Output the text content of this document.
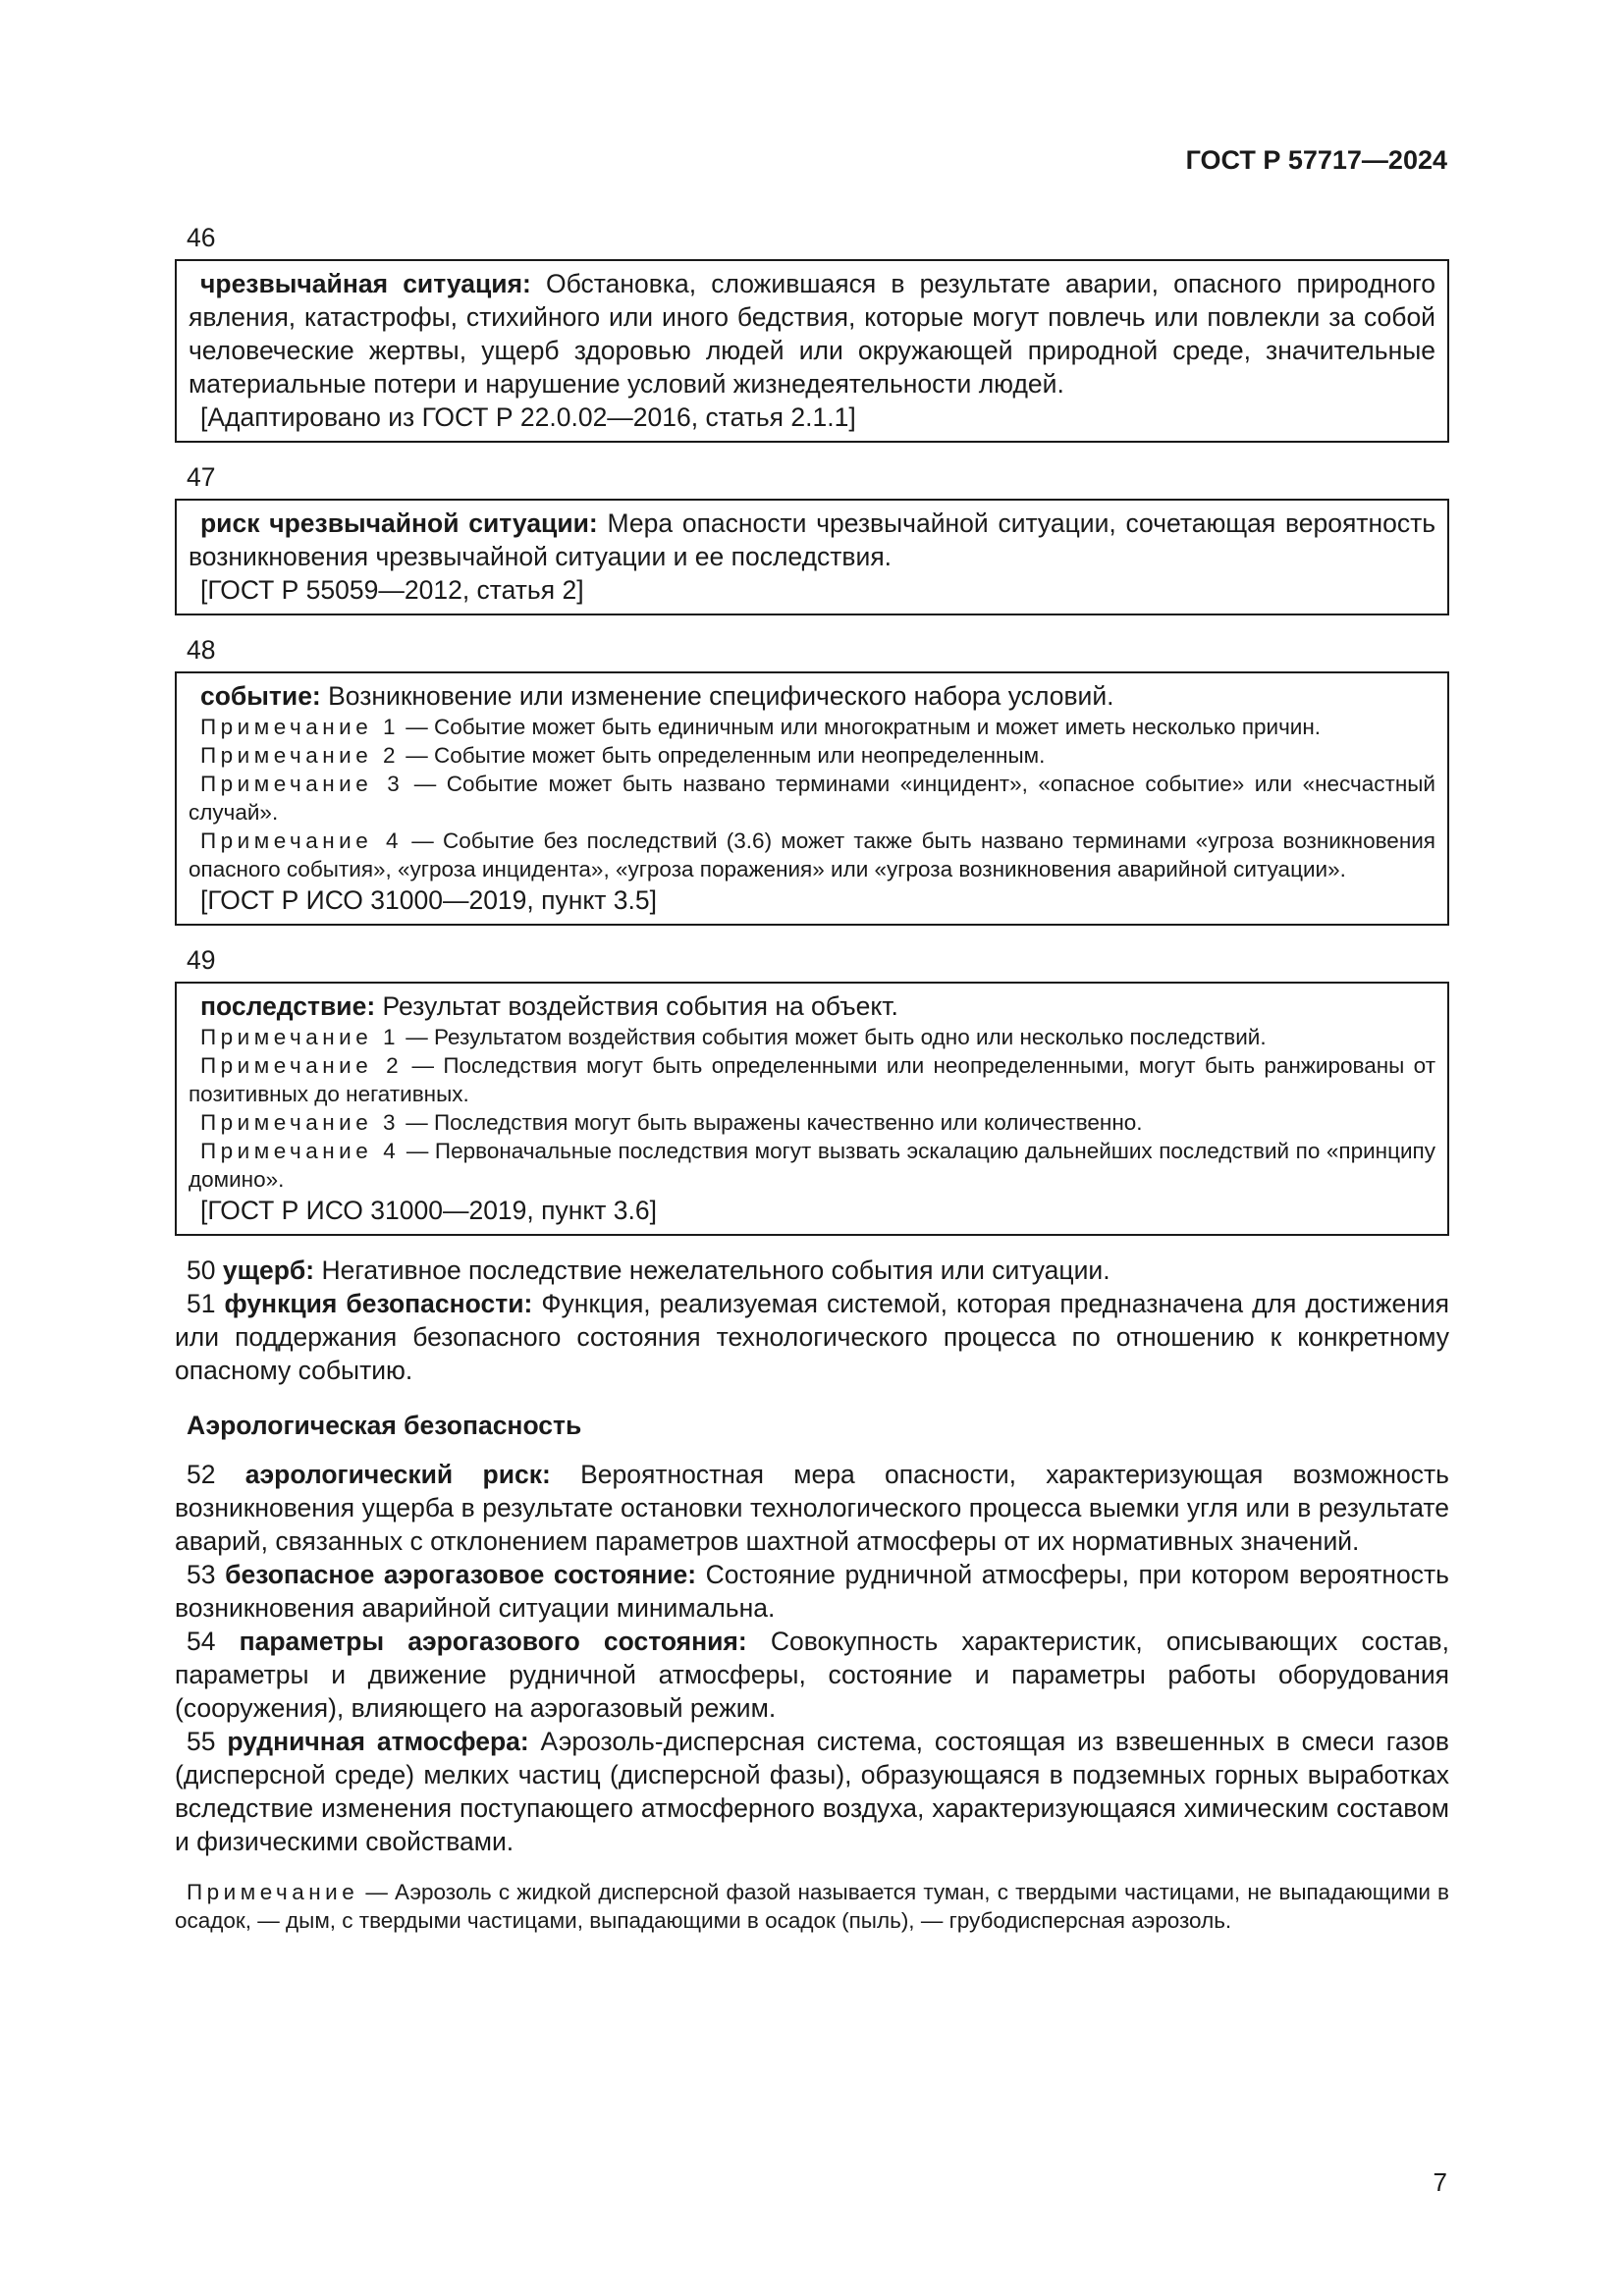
ГОСТ Р 57717—2024
46

чрезвычайная ситуация: Обстановка, сложившаяся в результате аварии, опасного природного явления, катастрофы, стихийного или иного бедствия, которые могут повлечь или повлекли за собой человеческие жертвы, ущерб здоровью людей или окружающей природной среде, значительные материальные потери и нарушение условий жизнедеятельности людей.

[Адаптировано из ГОСТ Р 22.0.02—2016, статья 2.1.1]

47

риск чрезвычайной ситуации: Мера опасности чрезвычайной ситуации, сочетающая вероятность возникновения чрезвычайной ситуации и ее последствия.

[ГОСТ Р 55059—2012, статья 2]

48

событие: Возникновение или изменение специфического набора условий.

Примечание 1 — Событие может быть единичным или многократным и может иметь несколько причин.

Примечание 2 — Событие может быть определенным или неопределенным.

Примечание 3 — Событие может быть названо терминами «инцидент», «опасное событие» или «несчастный случай».

Примечание 4 — Событие без последствий (3.6) может также быть названо терминами «угроза возникновения опасного события», «угроза инцидента», «угроза поражения» или «угроза возникновения аварийной ситуации».

[ГОСТ Р ИСО 31000—2019, пункт 3.5]

49

последствие: Результат воздействия события на объект.

Примечание 1 — Результатом воздействия события может быть одно или несколько последствий.

Примечание 2 — Последствия могут быть определенными или неопределенными, могут быть ранжированы от позитивных до негативных.

Примечание 3 — Последствия могут быть выражены качественно или количественно.

Примечание 4 — Первоначальные последствия могут вызвать эскалацию дальнейших последствий по «принципу домино».

[ГОСТ Р ИСО 31000—2019, пункт 3.6]

50 ущерб: Негативное последствие нежелательного события или ситуации.

51 функция безопасности: Функция, реализуемая системой, которая предназначена для достижения или поддержания безопасного состояния технологического процесса по отношению к конкретному опасному событию.

Аэрологическая безопасность

52 аэрологический риск: Вероятностная мера опасности, характеризующая возможность возникновения ущерба в результате остановки технологического процесса выемки угля или в результате аварий, связанных с отклонением параметров шахтной атмосферы от их нормативных значений.

53 безопасное аэрогазовое состояние: Состояние рудничной атмосферы, при котором вероятность возникновения аварийной ситуации минимальна.

54 параметры аэрогазового состояния: Совокупность характеристик, описывающих состав, параметры и движение рудничной атмосферы, состояние и параметры работы оборудования (сооружения), влияющего на аэрогазовый режим.

55 рудничная атмосфера: Аэрозоль-дисперсная система, состоящая из взвешенных в смеси газов (дисперсной среде) мелких частиц (дисперсной фазы), образующаяся в подземных горных выработках вследствие изменения поступающего атмосферного воздуха, характеризующаяся химическим составом и физическими свойствами.

Примечание — Аэрозоль с жидкой дисперсной фазой называется туман, с твердыми частицами, не выпадающими в осадок, — дым, с твердыми частицами, выпадающими в осадок (пыль), — грубодисперсная аэрозоль.

7
